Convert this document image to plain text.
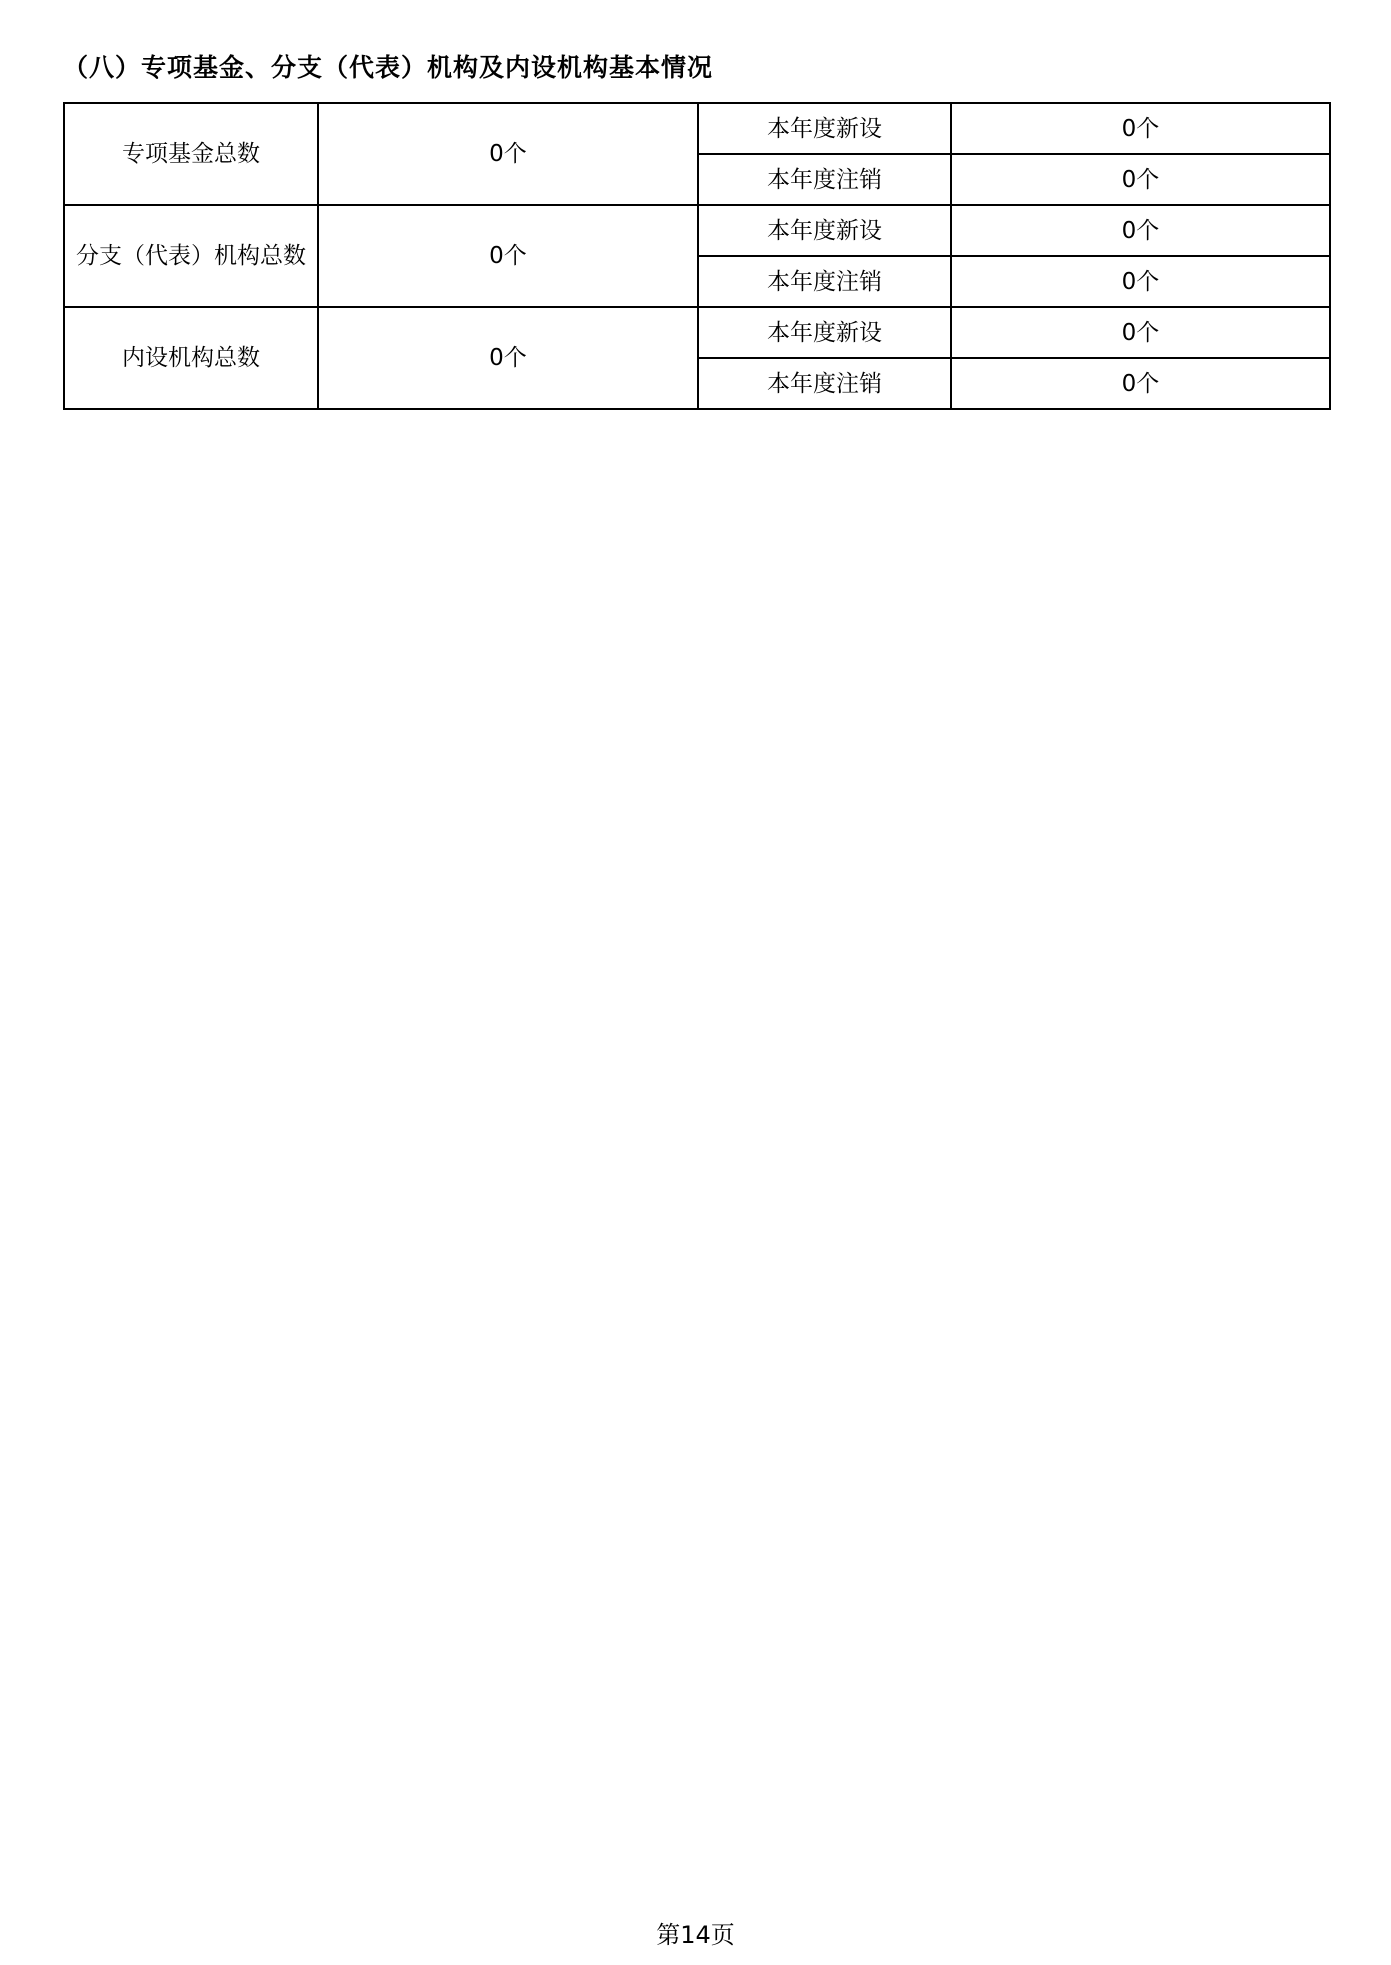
（八）专项基金、分支（代表）机构及内设机构基本情况
专项基金总数	0个	本年度新设	0个
		本年度注销	0个
分支（代表）机构总数	0个	本年度新设	0个
		本年度注销	0个
内设机构总数	0个	本年度新设	0个
		本年度注销	0个
第14页
